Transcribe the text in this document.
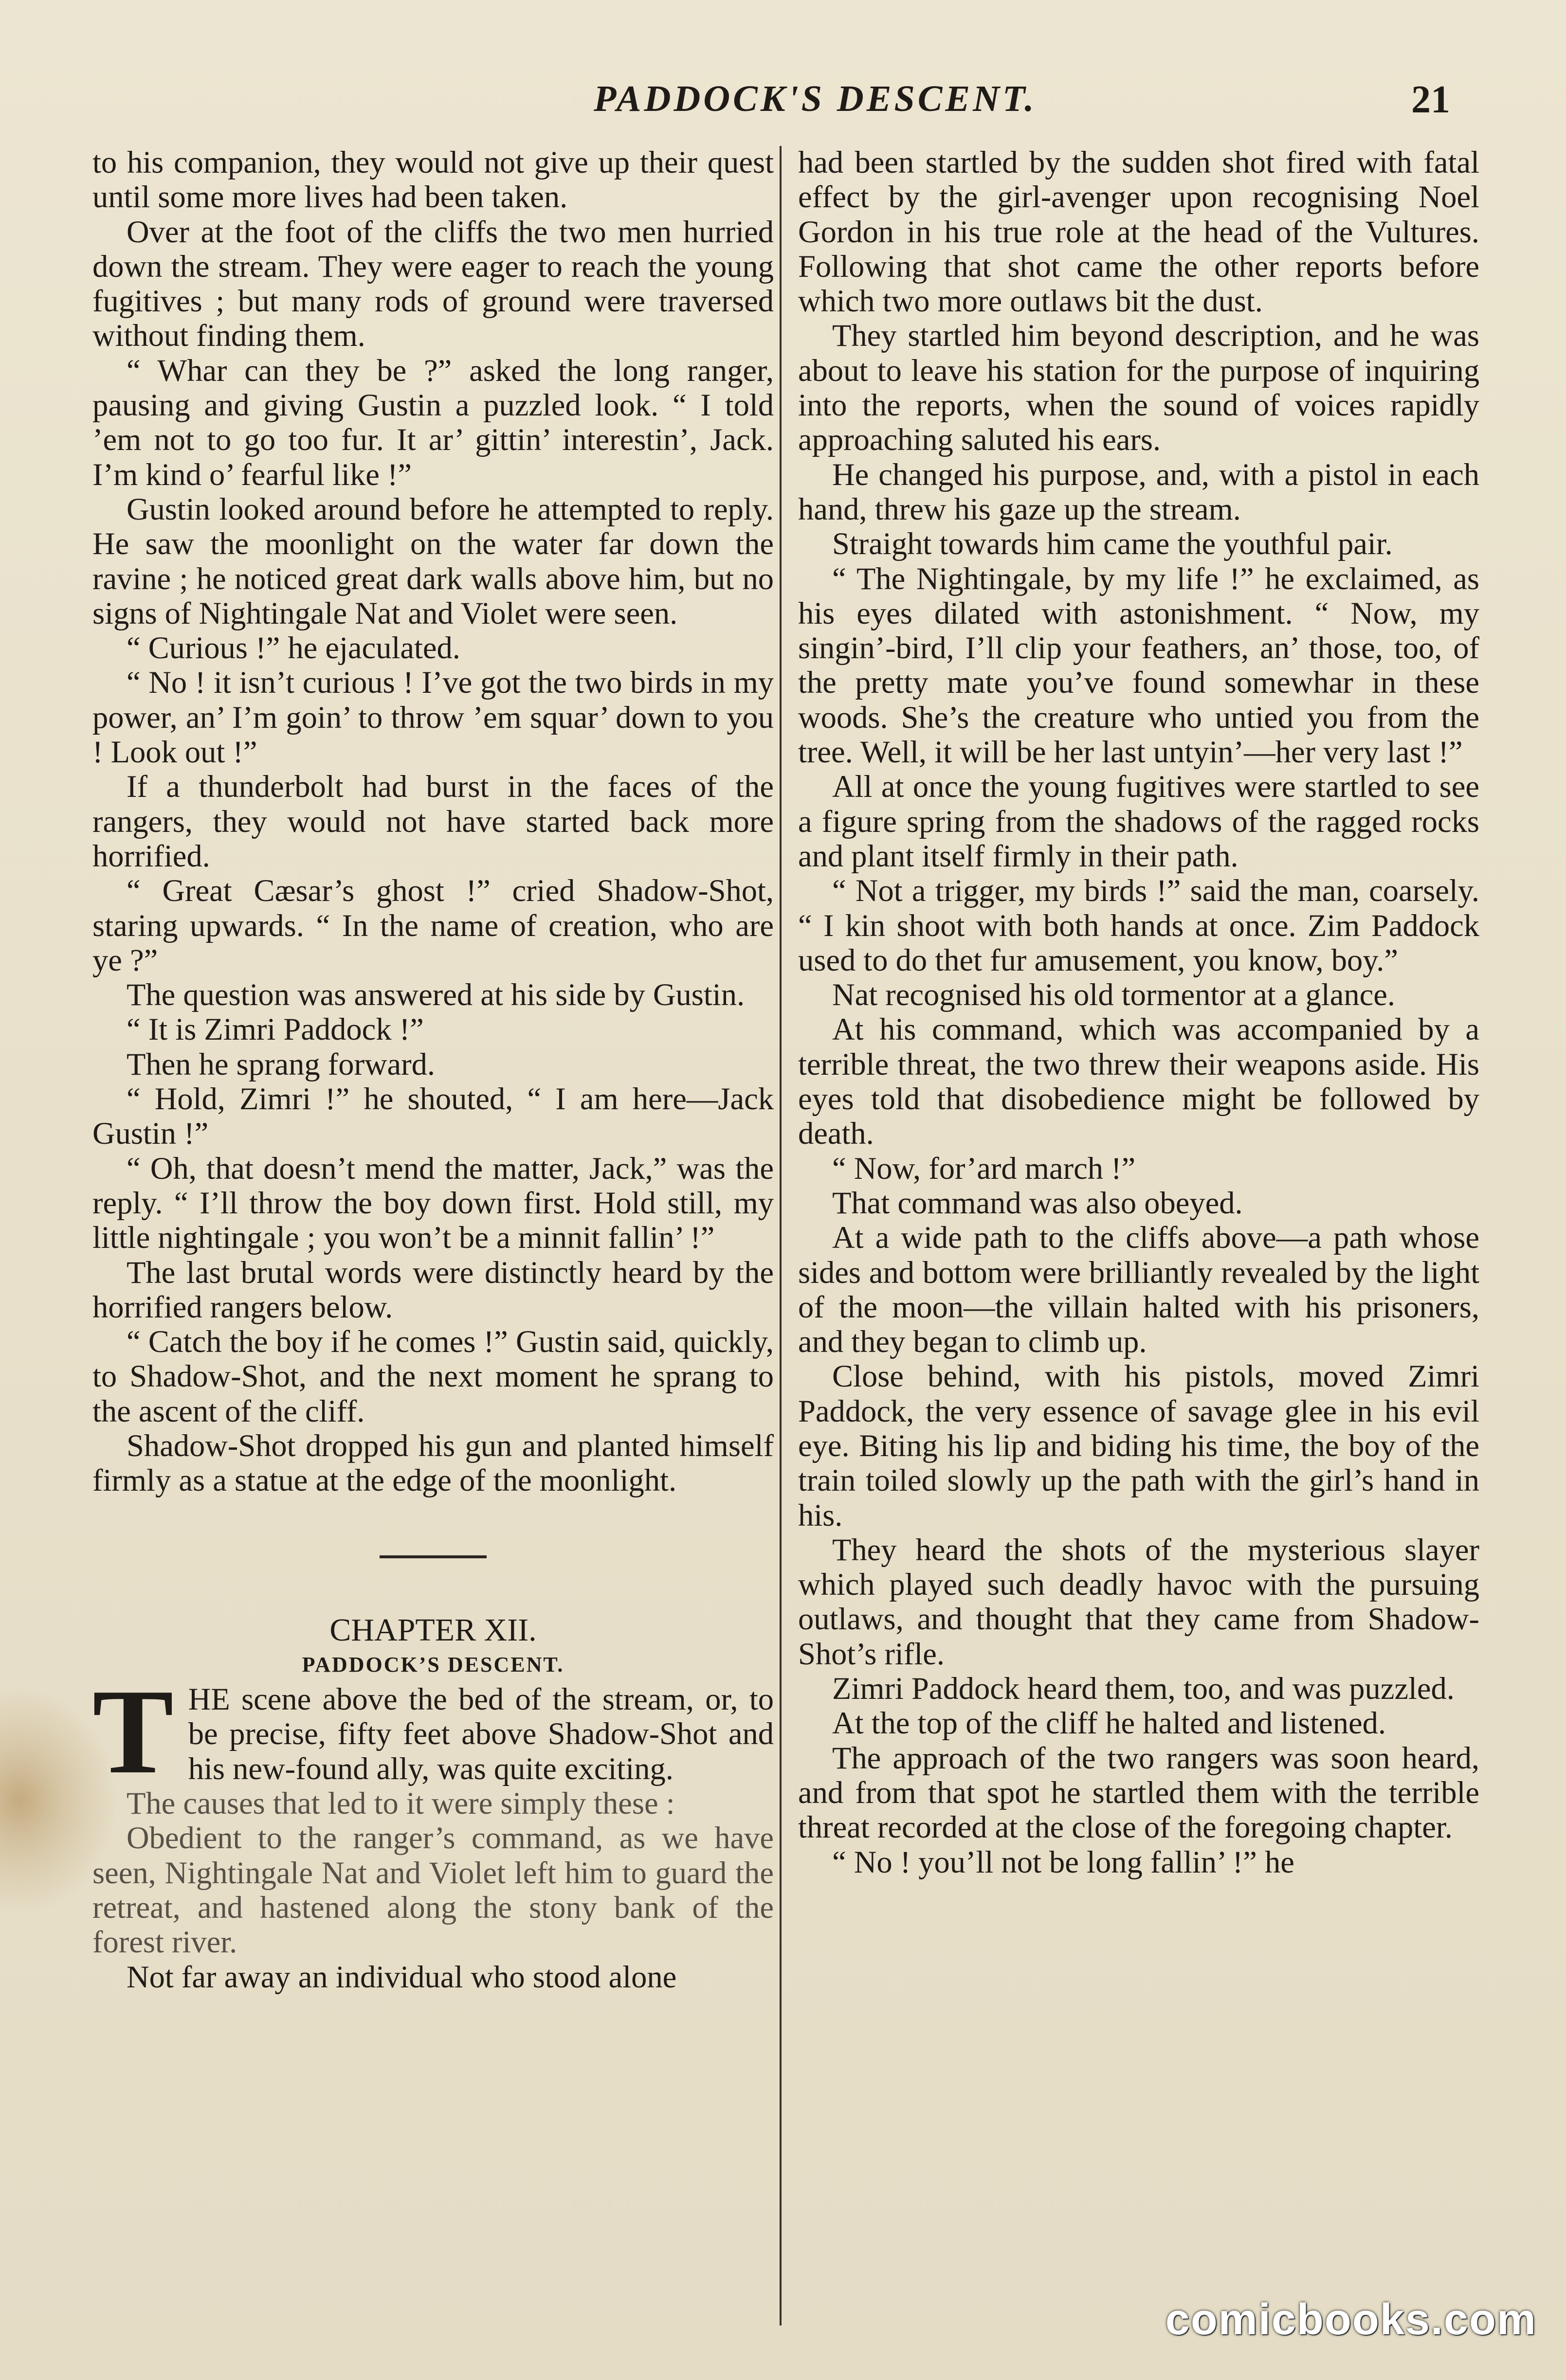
PADDOCK'S DESCENT.	21

to his companion, they would not give up their quest until some more lives had been taken.

Over at the foot of the cliffs the two men hurried down the stream. They were eager to reach the young fugitives ; but many rods of ground were traversed without finding them.

“ Whar can they be ?” asked the long ranger, pausing and giving Gustin a puzzled look. “ I told ’em not to go too fur. It ar’ gittin’ interestin’, Jack. I’m kind o’ fearful like !”

Gustin looked around before he attempted to reply. He saw the moonlight on the water far down the ravine ; he noticed great dark walls above him, but no signs of Nightingale Nat and Violet were seen.

“ Curious !” he ejaculated.

“ No ! it isn’t curious ! I’ve got the two birds in my power, an’ I’m goin’ to throw ’em squar’ down to you ! Look out !”

If a thunderbolt had burst in the faces of the rangers, they would not have started back more horrified.

“ Great Cæsar’s ghost !” cried Shadow-Shot, staring upwards. “ In the name of creation, who are ye ?”

The question was answered at his side by Gustin.

“ It is Zimri Paddock !”

Then he sprang forward.

“ Hold, Zimri !” he shouted, “ I am here—Jack Gustin !”

“ Oh, that doesn’t mend the matter, Jack,” was the reply. “ I’ll throw the boy down first. Hold still, my little nightingale ; you won’t be a minnit fallin’ !”

The last brutal words were distinctly heard by the horrified rangers below.

“ Catch the boy if he comes !” Gustin said, quickly, to Shadow-Shot, and the next moment he sprang to the ascent of the cliff.

Shadow-Shot dropped his gun and planted himself firmly as a statue at the edge of the moonlight.

CHAPTER XII.

PADDOCK’S DESCENT.

THE scene above the bed of the stream, or, to be precise, fifty feet above Shadow-Shot and his new-found ally, was quite exciting.

The causes that led to it were simply these :

Obedient to the ranger’s command, as we have seen, Nightingale Nat and Violet left him to guard the retreat, and hastened along the stony bank of the forest river.

Not far away an individual who stood alone

had been startled by the sudden shot fired with fatal effect by the girl-avenger upon recognising Noel Gordon in his true role at the head of the Vultures. Following that shot came the other reports before which two more outlaws bit the dust.

They startled him beyond description, and he was about to leave his station for the purpose of inquiring into the reports, when the sound of voices rapidly approaching saluted his ears.

He changed his purpose, and, with a pistol in each hand, threw his gaze up the stream.

Straight towards him came the youthful pair.

“ The Nightingale, by my life !” he exclaimed, as his eyes dilated with astonishment. “ Now, my singin’-bird, I’ll clip your feathers, an’ those, too, of the pretty mate you’ve found somewhar in these woods. She’s the creature who untied you from the tree. Well, it will be her last untyin’—her very last !”

All at once the young fugitives were startled to see a figure spring from the shadows of the ragged rocks and plant itself firmly in their path.

“ Not a trigger, my birds !” said the man, coarsely. “ I kin shoot with both hands at once. Zim Paddock used to do thet fur amusement, you know, boy.”

Nat recognised his old tormentor at a glance.

At his command, which was accompanied by a terrible threat, the two threw their weapons aside. His eyes told that disobedience might be followed by death.

“ Now, for’ard march !”

That command was also obeyed.

At a wide path to the cliffs above—a path whose sides and bottom were brilliantly revealed by the light of the moon—the villain halted with his prisoners, and they began to climb up.

Close behind, with his pistols, moved Zimri Paddock, the very essence of savage glee in his evil eye. Biting his lip and biding his time, the boy of the train toiled slowly up the path with the girl’s hand in his.

They heard the shots of the mysterious slayer which played such deadly havoc with the pursuing outlaws, and thought that they came from Shadow-Shot’s rifle.

Zimri Paddock heard them, too, and was puzzled.

At the top of the cliff he halted and listened.

The approach of the two rangers was soon heard, and from that spot he startled them with the terrible threat recorded at the close of the foregoing chapter.

“ No ! you’ll not be long fallin’ !” he

comicbooks.com
